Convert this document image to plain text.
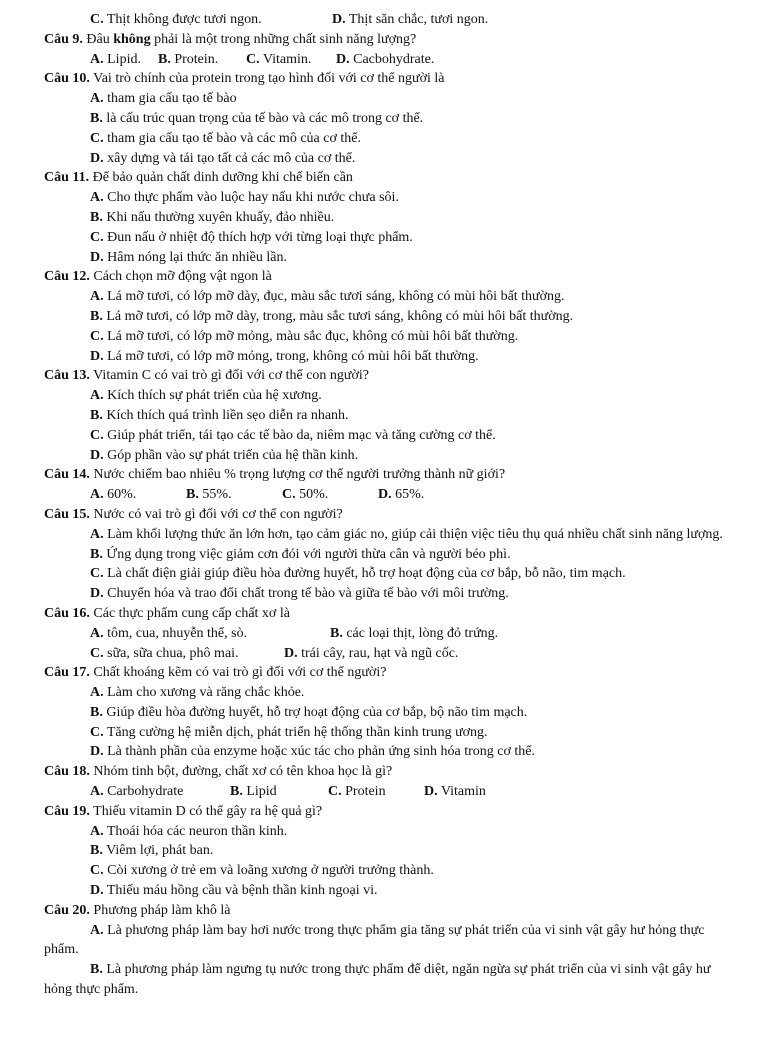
C. Thịt không được tươi ngon.	D. Thịt săn chắc, tươi ngon.

Câu 9. Đâu không phải là một trong những chất sinh năng lượng?

A. Lipid. B. Protein. C. Vitamin. D. Cacbohydrate.

Câu 10. Vai trò chính của protein trong tạo hình đối với cơ thể người là

A. tham gia cấu tạo tế bào

B. là cấu trúc quan trọng của tế bào và các mô trong cơ thể.

C. tham gia cấu tạo tế bào và các mô của cơ thể.

D. xây dựng và tái tạo tất cả các mô của cơ thể.

Câu 11. Để bảo quản chất dinh dưỡng khi chế biến cần

A. Cho thực phẩm vào luộc hay nấu khi nước chưa sôi.

B. Khi nấu thường xuyên khuấy, đảo nhiều.

C. Đun nấu ở nhiệt độ thích hợp với từng loại thực phẩm.

D. Hâm nóng lại thức ăn nhiều lần.

Câu 12. Cách chọn mỡ động vật ngon là

A. Lá mỡ tươi, có lớp mỡ dày, đục, màu sắc tươi sáng, không có mùi hôi bất thường.

B. Lá mỡ tươi, có lớp mỡ dày, trong, màu sắc tươi sáng, không có mùi hôi bất thường.

C. Lá mỡ tươi, có lớp mỡ mỏng, màu sắc đục, không có mùi hôi bất thường.

D. Lá mỡ tươi, có lớp mỡ mỏng, trong, không có mùi hôi bất thường.

Câu 13. Vitamin C có vai trò gì đối với cơ thể con người?

A. Kích thích sự phát triển của hệ xương.

B. Kích thích quá trình liền sẹo diễn ra nhanh.

C. Giúp phát triển, tái tạo các tế bào da, niêm mạc và tăng cường cơ thể.

D. Góp phần vào sự phát triển của hệ thần kinh.

Câu 14. Nước chiếm bao nhiêu % trọng lượng cơ thể người trưởng thành nữ giới?

A. 60%.	B. 55%.	C. 50%.	D. 65%.

Câu 15. Nước có vai trò gì đối với cơ thể con người?

A. Làm khối lượng thức ăn lớn hơn, tạo cảm giác no, giúp cải thiện việc tiêu thụ quá nhiều chất sinh năng lượng.

B. Ứng dụng trong việc giảm cơn đói với người thừa cân và người béo phì.

C. Là chất điện giải giúp điều hòa đường huyết, hỗ trợ hoạt động của cơ bắp, bỗ não, tim mạch.

D. Chuyển hóa và trao đổi chất trong tế bào và giữa tế bào với môi trường.

Câu 16. Các thực phẩm cung cấp chất xơ là

A. tôm, cua, nhuyễn thể, sò.	B. các loại thịt, lòng đỏ trứng.

C. sữa, sữa chua, phô mai.	D. trái cây, rau, hạt và ngũ cốc.

Câu 17. Chất khoáng kẽm có vai trò gì đối với cơ thể người?

A. Làm cho xương và răng chắc khỏe.

B. Giúp điều hòa đường huyết, hỗ trợ hoạt động của cơ bắp, bộ não tim mạch.

C. Tăng cường hệ miễn dịch, phát triển hệ thống thần kinh trung ương.

D. Là thành phần của enzyme hoặc xúc tác cho phản ứng sinh hóa trong cơ thể.

Câu 18. Nhóm tinh bột, đường, chất xơ có tên khoa học là gì?

A. Carbohydrate	B. Lipid	C. Protein	D. Vitamin

Câu 19. Thiếu vitamin D có thể gây ra hệ quả gì?

A. Thoái hóa các neuron thần kinh.

B. Viêm lợi, phát ban.

C. Còi xương ở trẻ em và loãng xương ở người trưởng thành.

D. Thiếu máu hồng cầu và bệnh thần kinh ngoại vi.

Câu 20. Phương pháp làm khô là

A. Là phương pháp làm bay hơi nước trong thực phẩm gia tăng sự phát triển của vi sinh vật gây hư hỏng thực phẩm.

B. Là phương pháp làm ngưng tụ nước trong thực phẩm để diệt, ngăn ngừa sự phát triển của vi sinh vật gây hư hỏng thực phẩm.
